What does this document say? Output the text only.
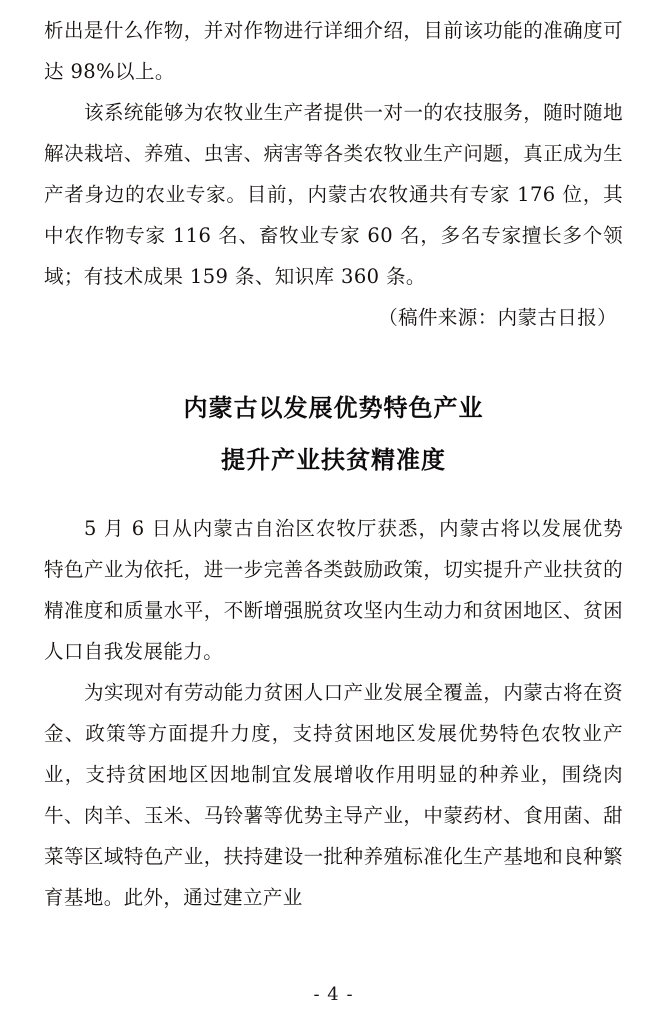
析出是什么作物，并对作物进行详细介绍，目前该功能的准确度可达 98%以上。

该系统能够为农牧业生产者提供一对一的农技服务，随时随地解决栽培、养殖、虫害、病害等各类农牧业生产问题，真正成为生产者身边的农业专家。目前，内蒙古农牧通共有专家 176 位，其中农作物专家 116 名、畜牧业专家 60 名，多名专家擅长多个领域；有技术成果 159 条、知识库 360 条。

（稿件来源：内蒙古日报）

内蒙古以发展优势特色产业
提升产业扶贫精准度

5 月 6 日从内蒙古自治区农牧厅获悉，内蒙古将以发展优势特色产业为依托，进一步完善各类鼓励政策，切实提升产业扶贫的精准度和质量水平，不断增强脱贫攻坚内生动力和贫困地区、贫困人口自我发展能力。

为实现对有劳动能力贫困人口产业发展全覆盖，内蒙古将在资金、政策等方面提升力度，支持贫困地区发展优势特色农牧业产业，支持贫困地区因地制宜发展增收作用明显的种养业，围绕肉牛、肉羊、玉米、马铃薯等优势主导产业，中蒙药材、食用菌、甜菜等区域特色产业，扶持建设一批种养殖标准化生产基地和良种繁育基地。此外，通过建立产业

- 4 -
